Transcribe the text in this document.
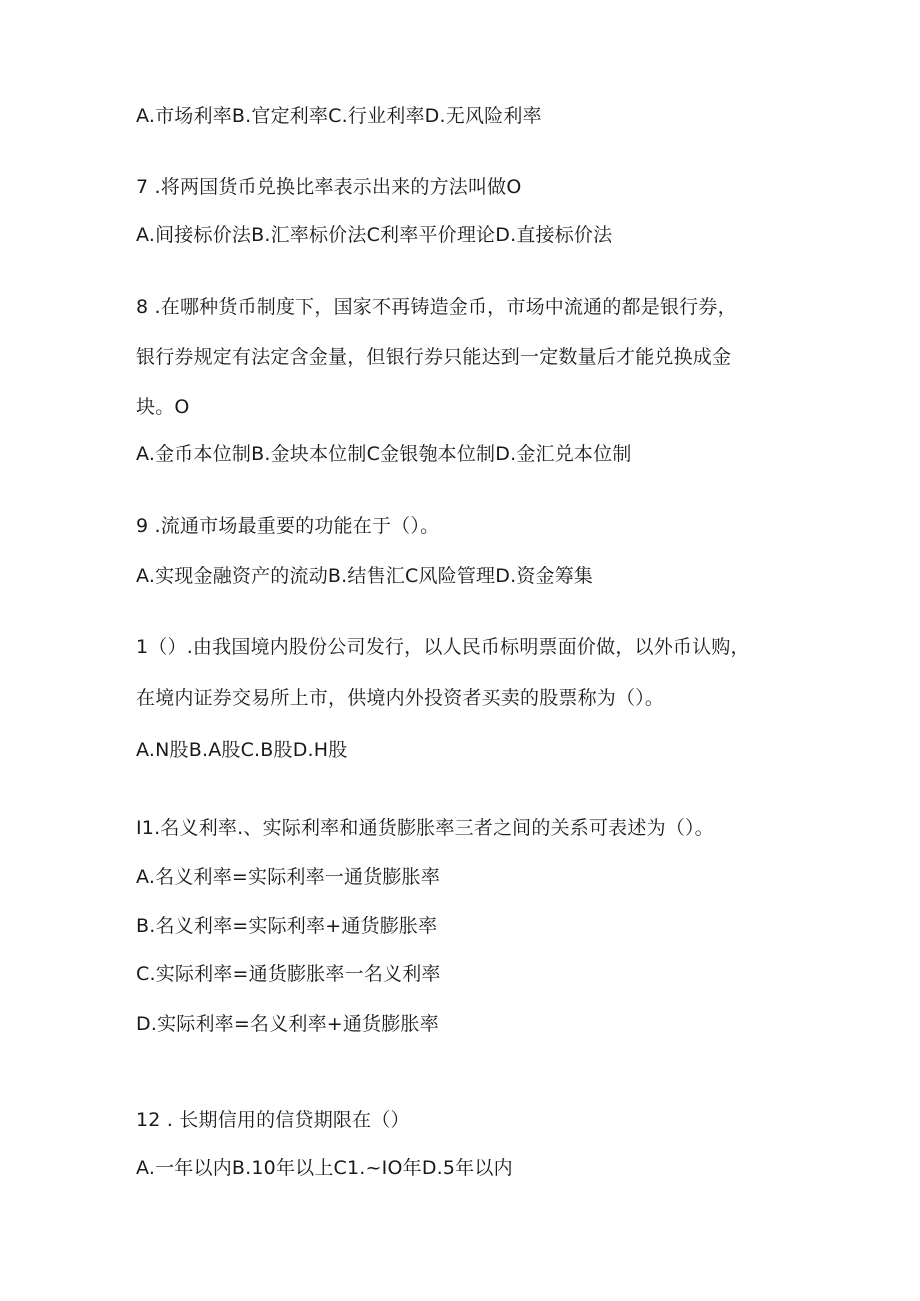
A.市场利率B.官定利率C.行业利率D.无风险利率
7 .将两国货币兑换比率表示出来的方法叫做O
A.间接标价法B.汇率标价法C利率平价理论D.直接标价法
8 .在哪种货币制度下，国家不再铸造金币，市场中流通的都是银行券，
银行券规定有法定含金量，但银行券只能达到一定数量后才能兑换成金
块。O
A.金币本位制B.金块本位制C金银匏本位制D.金汇兑本位制
9 .流通市场最重要的功能在于（）。
A.实现金融资产的流动B.结售汇C风险管理D.资金筹集
1（）.由我国境内股份公司发行，以人民币标明票面价做，以外币认购，
在境内证券交易所上市，供境内外投资者买卖的股票称为（）。
A.N股B.A股C.B股D.H股
I1.名义利率.、实际利率和通货膨胀率三者之间的关系可表述为（）。
A.名义利率=实际利率一通货膨胀率
B.名义利率=实际利率+通货膨胀率
C.实际利率=通货膨胀率一名义利率
D.实际利率=名义利率+通货膨胀率
12 . 长期信用的信贷期限在（）
A.一年以内B.10年以上C1.~IO年D.5年以内
